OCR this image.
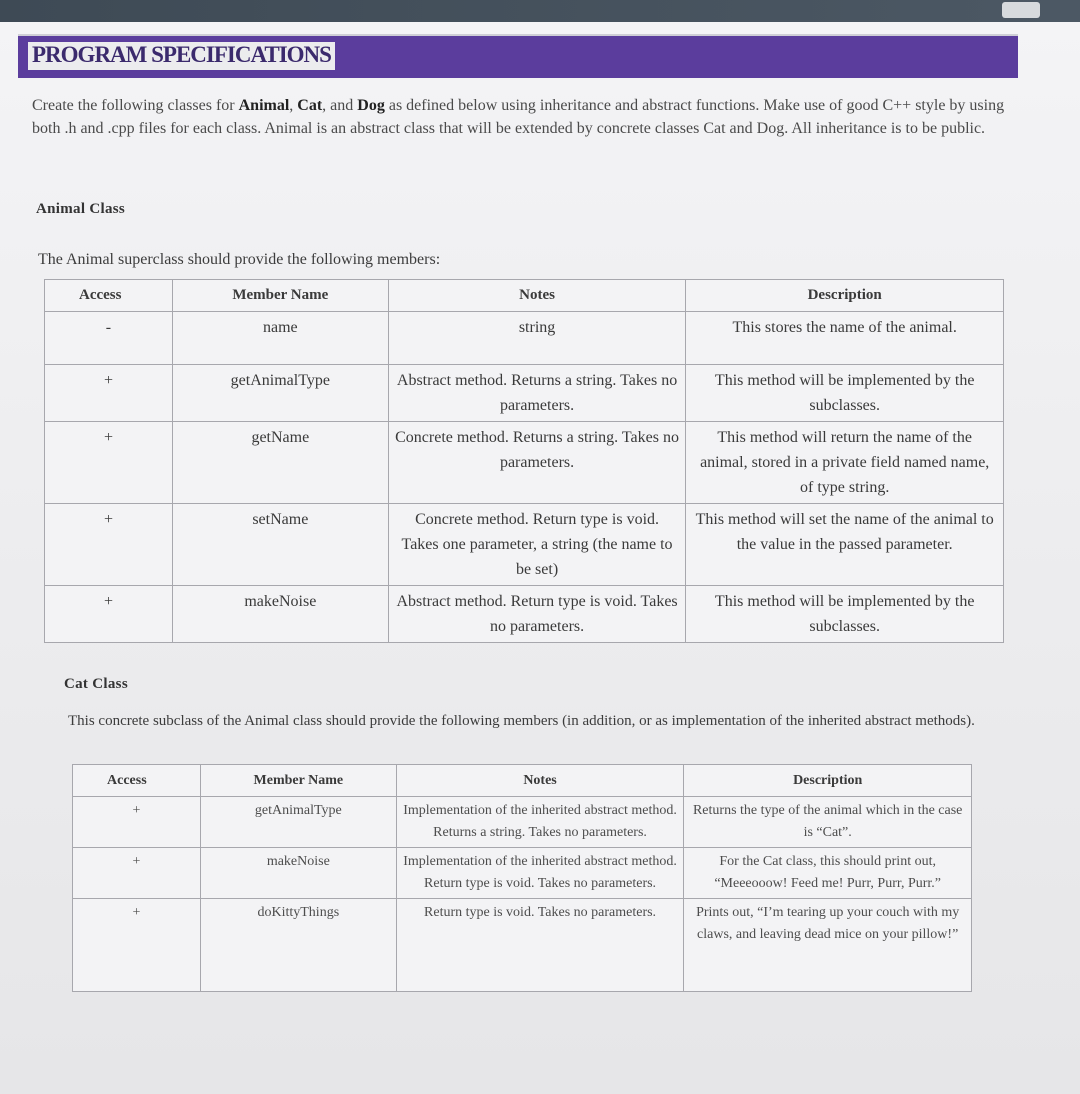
PROGRAM SPECIFICATIONS
Create the following classes for Animal, Cat, and Dog as defined below using inheritance and abstract functions. Make use of good C++ style by using both .h and .cpp files for each class. Animal is an abstract class that will be extended by concrete classes Cat and Dog. All inheritance is to be public.
Animal Class
The Animal superclass should provide the following members:
Access	Member Name	Notes	Description
-	name	string	This stores the name of the animal.
+	getAnimalType	Abstract method. Returns a string. Takes no parameters.	This method will be implemented by the subclasses.
+	getName	Concrete method. Returns a string. Takes no parameters.	This method will return the name of the animal, stored in a private field named name, of type string.
+	setName	Concrete method. Return type is void. Takes one parameter, a string (the name to be set)	This method will set the name of the animal to the value in the passed parameter.
+	makeNoise	Abstract method. Return type is void. Takes no parameters.	This method will be implemented by the subclasses.
Cat Class
This concrete subclass of the Animal class should provide the following members (in addition, or as implementation of the inherited abstract methods).
Access	Member Name	Notes	Description
+	getAnimalType	Implementation of the inherited abstract method. Returns a string. Takes no parameters.	Returns the type of the animal which in the case is “Cat”.
+	makeNoise	Implementation of the inherited abstract method. Return type is void. Takes no parameters.	For the Cat class, this should print out, “Meeeooow! Feed me! Purr, Purr, Purr.”
+	doKittyThings	Return type is void. Takes no parameters.	Prints out, “I’m tearing up your couch with my claws, and leaving dead mice on your pillow!”
